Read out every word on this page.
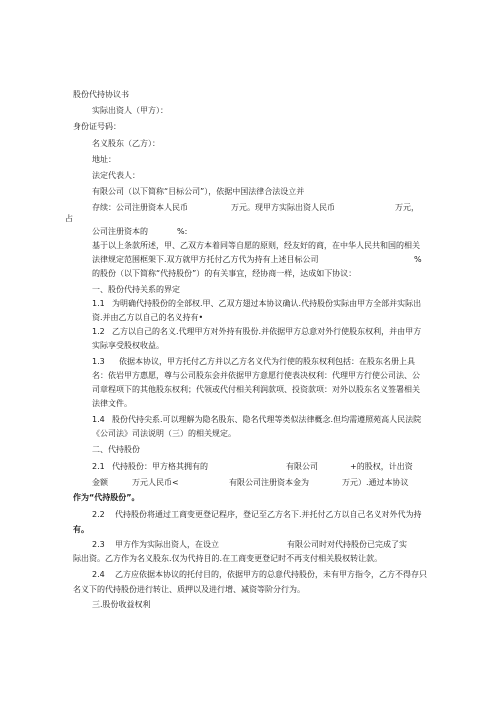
股份代持协议书
实际出资人（甲方）：
身份证号码：
名义股东（乙方）：
地址：
法定代表人：
有限公司（以下简称“目标公司”），依据中国法律合法设立并
存续：公司注册资本人民币	万元。现甲方实际出资人民币	万元，
占
公司注册资本的	%:
基于以上条款所述，甲、乙双方本着同等自愿的原则，经友好的商，在中华人民共和国的相关
法律规定范围框架下.双方就甲方托付乙方代为持有上述目标公司	%
的股份（以下简称“代持股份”）的有关事宜，经协商一样，达成如下协议：
一、股份代持关系的界定
1.1 为明确代持股份的全部权.甲、乙双方翅过本协议确认.代持股份实际由甲方全部并实际出
资.并由乙方以自己的名义持有•
1.2 乙方以自己的名义.代理甲方对外持有股份.并依据甲方总意对外行使股东权利，并由甲方
实际享受股权收益。
1.3 依据本协议，甲方托付乙方并以乙方名义代为行使的股东权利包括：在股东名册上具
名：依岩甲方惠愿，尊与公司股东会并依据甲方意愿行使表决权利：代理甲方行使公司法、公
司章程项下的其他股东权利；代领或代付相关利润款项、投资款项：对外以股东名义签署相关
法律文件。
1.4 股份代持尖系.可以理解为隐名股东、隐名代理等类似法律概念.但均需遵照苑高人民法院
《公司法》司法说明（三）的相关规定。
二、代持股份
2.1 代持股份：甲方格其拥有的	有限公司	+的股权，计出资
金额	万元人民币<	有限公司注册资本金为	万元）.通过本协议
作为“代持股份”。
2.2 代持股份将通过工商变更登记程序，登记至乙方名下.并托付乙方以自己名义对外代为持
有。
2.3 甲方作为实际出资人，在设立	有限公司时对代持股份已完成了实
际出资。乙方作为名义股东.仅为代持目的.在工商变更登记时不再支付相关股权转让款。
2.4 乙方应依据本协议的托付目的，依据甲方的总意代持股份，未有甲方指令，乙方不得存只
名义下的代持股份进行转让、质押以及进行增、减资等阶分行为。
三.股份收益权利
